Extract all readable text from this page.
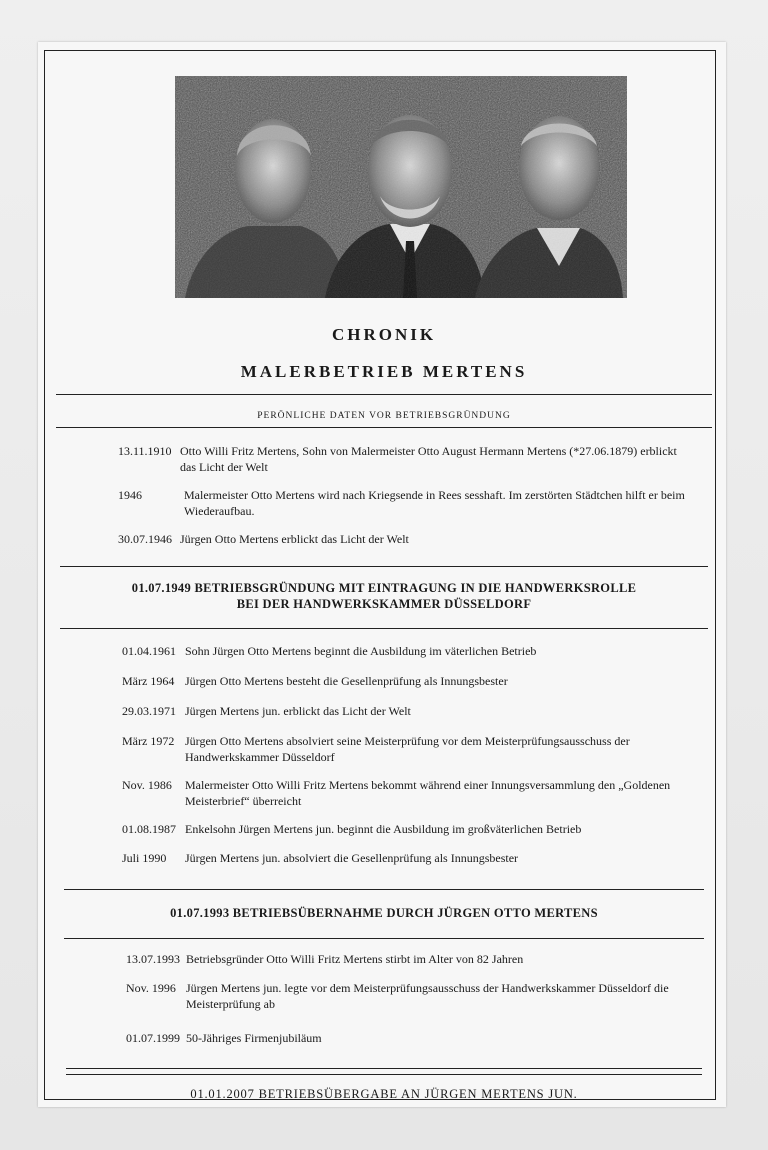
CHRONIK
MALERBETRIEB MERTENS
PERÖNLICHE DATEN VOR BETRIEBSGRÜNDUNG
13.11.1910 Otto Willi Fritz Mertens, Sohn von Malermeister Otto August Hermann Mertens (*27.06.1879) erblickt das Licht der Welt
1946	Malermeister Otto Mertens wird nach Kriegsende in Rees sesshaft. Im zerstörten Städtchen hilft er beim Wiederaufbau.
30.07.1946 Jürgen Otto Mertens erblickt das Licht der Welt
01.07.1949 BETRIEBSGRÜNDUNG MIT EINTRAGUNG IN DIE HANDWERKSROLLE
BEI DER HANDWERKSKAMMER DÜSSELDORF
01.04.1961 Sohn Jürgen Otto Mertens beginnt die Ausbildung im väterlichen Betrieb
März 1964 Jürgen Otto Mertens besteht die Gesellenprüfung als Innungsbester
29.03.1971 Jürgen Mertens jun. erblickt das Licht der Welt
März 1972 Jürgen Otto Mertens absolviert seine Meisterprüfung vor dem Meisterprüfungsausschuss der Handwerkskammer Düsseldorf
Nov. 1986 Malermeister Otto Willi Fritz Mertens bekommt während einer Innungsversammlung den „Goldenen Meisterbrief“ überreicht
01.08.1987 Enkelsohn Jürgen Mertens jun. beginnt die Ausbildung im großväterlichen Betrieb
Juli 1990 Jürgen Mertens jun. absolviert die Gesellenprüfung als Innungsbester
01.07.1993 BETRIEBSÜBERNAHME DURCH JÜRGEN OTTO MERTENS
13.07.1993 Betriebsgründer Otto Willi Fritz Mertens stirbt im Alter von 82 Jahren
Nov. 1996 Jürgen Mertens jun. legte vor dem Meisterprüfungsausschuss der Handwerkskammer Düsseldorf die Meisterprüfung ab
01.07.1999 50-Jähriges Firmenjubiläum
01.01.2007 BETRIEBSÜBERGABE AN JÜRGEN MERTENS JUN.
